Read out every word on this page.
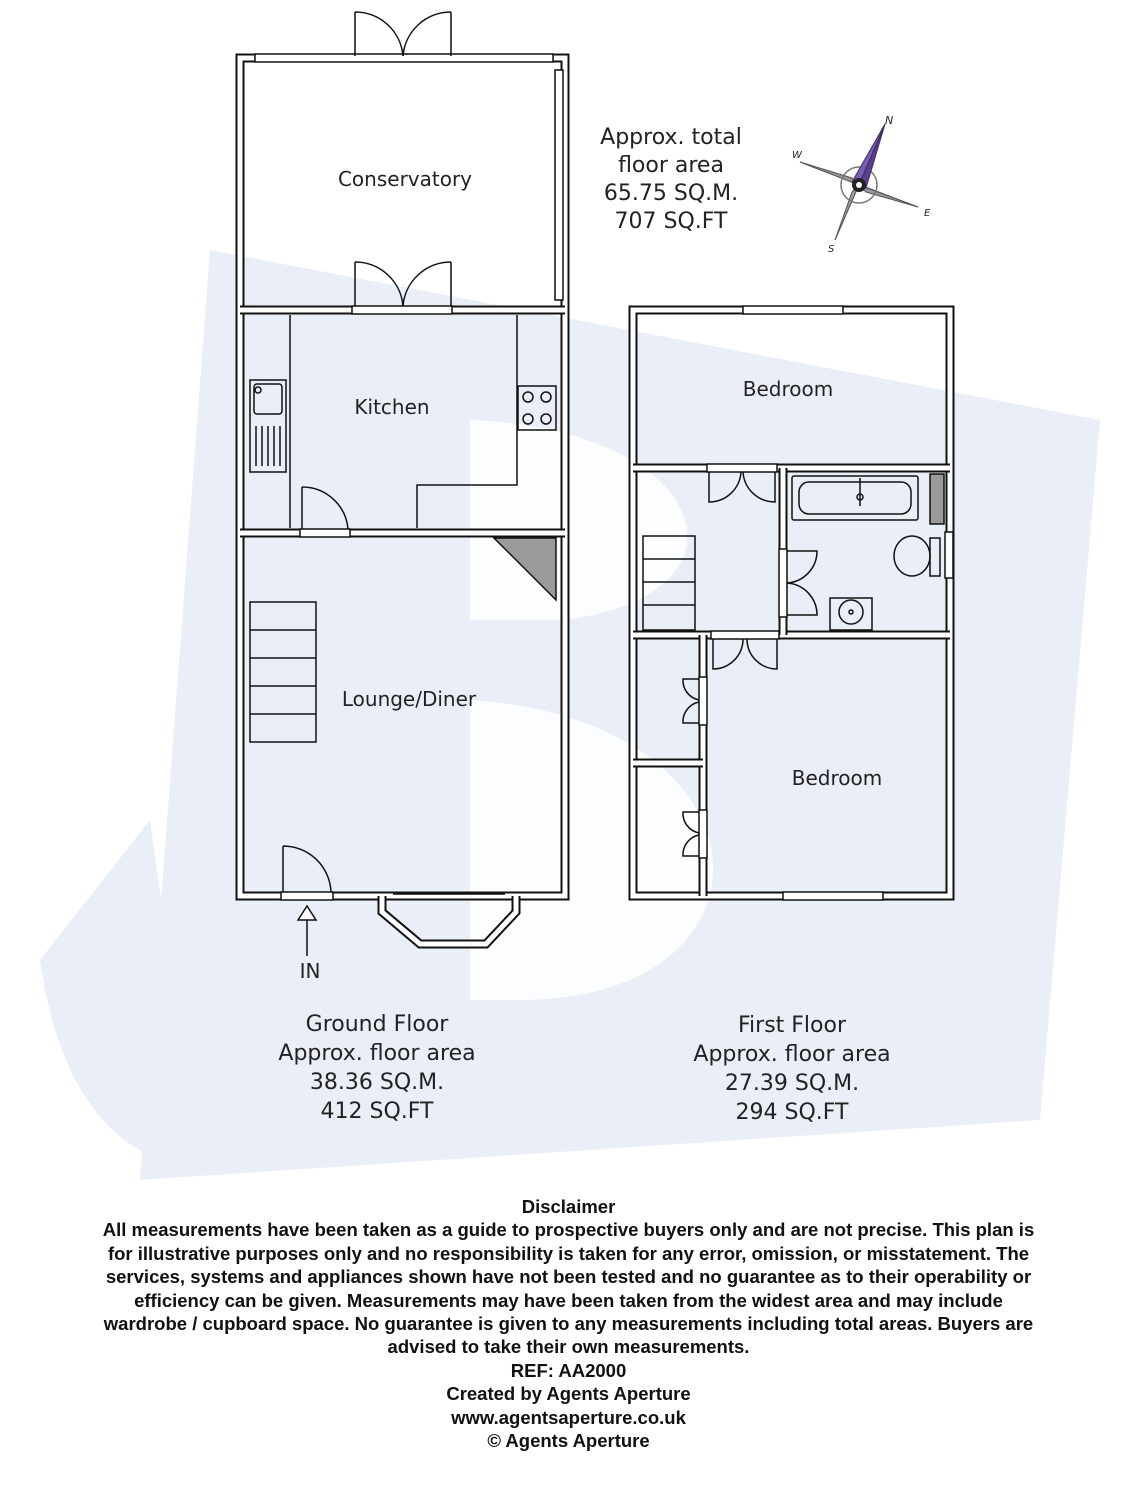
N
E
S
W
Conservatory
Kitchen
Lounge/Diner
Bedroom
Bedroom
IN
Approx. total
floor area
65.75 SQ.M.
707 SQ.FT
Ground Floor
Approx. floor area
38.36 SQ.M.
412 SQ.FT
First Floor
Approx. floor area
27.39 SQ.M.
294 SQ.FT
Disclaimer
All measurements have been taken as a guide to prospective buyers only and are not precise. This plan is
for illustrative purposes only and no responsibility is taken for any error, omission, or misstatement. The
services, systems and appliances shown have not been tested and no guarantee as to their operability or
efficiency can be given. Measurements may have been taken from the widest area and may include
wardrobe / cupboard space. No guarantee is given to any measurements including total areas. Buyers are
advised to take their own measurements.
REF: AA2000
Created by Agents Aperture
www.agentsaperture.co.uk
© Agents Aperture
